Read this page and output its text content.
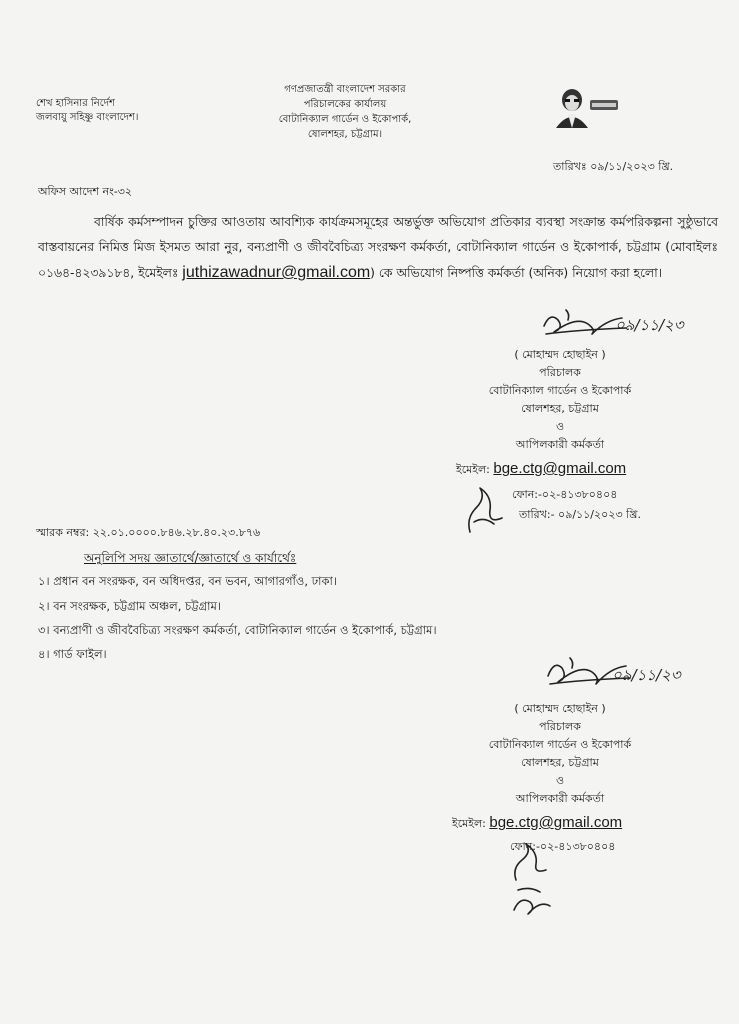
শেখ হাসিনার নির্দেশ
জলবায়ু সহিষ্ণু বাংলাদেশ।
গণপ্রজাতন্ত্রী বাংলাদেশ সরকার
পরিচালকের কার্যালয়
বোটানিক্যাল গার্ডেন ও ইকোপার্ক,
ষোলশহর, চট্টগ্রাম।
তারিখঃ ০৯/১১/২০২৩ খ্রি.
অফিস আদেশ নং-৩২
বার্ষিক কর্মসম্পাদন চুক্তির আওতায় আবশ্যিক কার্যক্রমসমূহের অন্তর্ভুক্ত অভিযোগ প্রতিকার ব্যবস্থা সংক্রান্ত কর্মপরিকল্পনা সুষ্ঠুভাবে বাস্তবায়নের নিমিত্ত মিজ ইসমত আরা নুর, বন্যপ্রাণী ও জীববৈচিত্র্য সংরক্ষণ কর্মকর্তা, বোটানিক্যাল গার্ডেন ও ইকোপার্ক, চট্টগ্রাম (মোবাইলঃ ০১৬৪-৪২৩৯১৮৪, ইমেইলঃ juthizawadnur@gmail.com) কে অভিযোগ নিষ্পত্তি কর্মকর্তা (অনিক) নিয়োগ করা হলো।
০৯/১১/২৩
( মোহাম্মদ হোছাইন )
পরিচালক
বোটানিক্যাল গার্ডেন ও ইকোপার্ক
ষোলশহর, চট্টগ্রাম
ও
আপিলকারী কর্মকর্তা
ইমেইল: bge.ctg@gmail.com
ফোন:-০২-৪১৩৮০৪০৪
তারিখ:- ০৯/১১/২০২৩ খ্রি.
স্মারক নম্বর: ২২.০১.০০০০.৮৪৬.২৮.৪০.২৩.৮৭৬
অনুলিপি সদয় জ্ঞাতার্থে/জ্ঞাতার্থে ও কার্যার্থেঃ
১। প্রধান বন সংরক্ষক, বন অধিদপ্তর, বন ভবন, আগারগাঁও, ঢাকা।
২। বন সংরক্ষক, চট্টগ্রাম অঞ্চল, চট্টগ্রাম।
৩। বন্যপ্রাণী ও জীববৈচিত্র্য সংরক্ষণ কর্মকর্তা, বোটানিক্যাল গার্ডেন ও ইকোপার্ক, চট্টগ্রাম।
৪। গার্ড ফাইল।
০৯/১১/২৩
( মোহাম্মদ হোছাইন )
পরিচালক
বোটানিক্যাল গার্ডেন ও ইকোপার্ক
ষোলশহর, চট্টগ্রাম
ও
আপিলকারী কর্মকর্তা
ইমেইল: bge.ctg@gmail.com
ফোন:-০২-৪১৩৮০৪০৪
